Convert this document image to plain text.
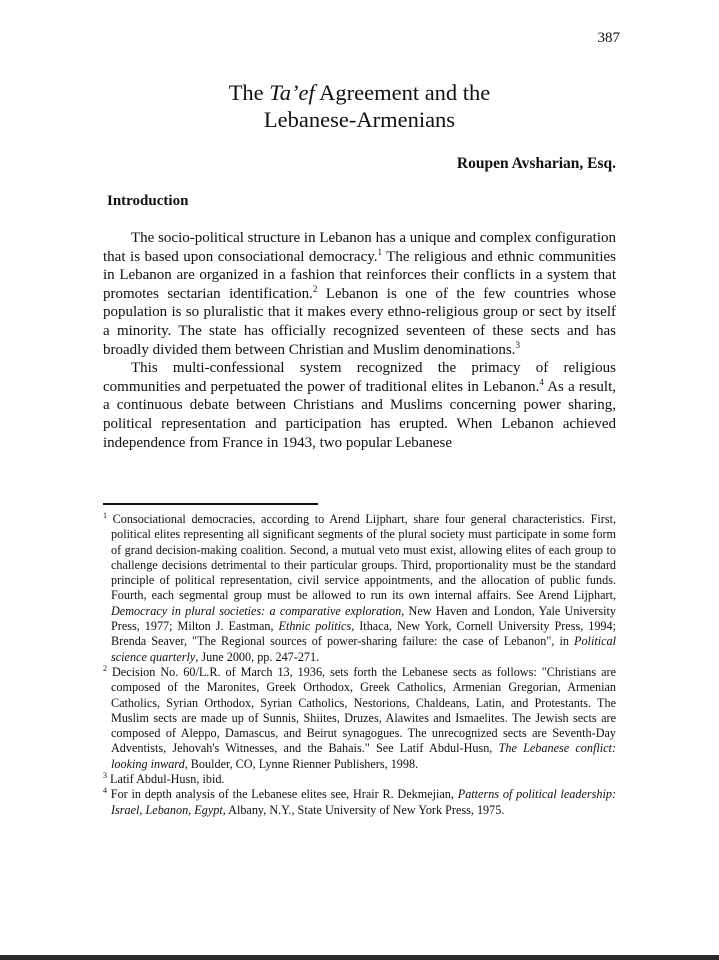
387
The Ta’ef Agreement and the
Lebanese-Armenians
Roupen Avsharian, Esq.
Introduction

The socio-political structure in Lebanon has a unique and complex configuration that is based upon consociational democracy.$^1$ The religious and ethnic communities in Lebanon are organized in a fashion that reinforces their conflicts in a system that promotes sectarian identification.$^2$ Lebanon is one of the few countries whose population is so pluralistic that it makes every ethno-religious group or sect by itself a minority. The state has officially recognized seventeen of these sects and has broadly divided them between Christian and Muslim denominations.$^3$

This multi-confessional system recognized the primacy of religious communities and perpetuated the power of traditional elites in Lebanon.$^4$ As a result, a continuous debate between Christians and Muslims concerning power sharing, political representation and participation has erupted. When Lebanon achieved independence from France in 1943, two popular Lebanese

$^1$ Consociational democracies, according to Arend Lijphart, share four general characteristics. First, political elites representing all significant segments of the plural society must participate in some form of grand decision-making coalition. Second, a mutual veto must exist, allowing elites of each group to challenge decisions detrimental to their particular groups. Third, proportionality must be the standard principle of political representation, civil service appointments, and the allocation of public funds. Fourth, each segmental group must be allowed to run its own internal affairs. See Arend Lijphart, Democracy in plural societies: a comparative exploration, New Haven and London, Yale University Press, 1977; Milton J. Eastman, Ethnic politics, Ithaca, New York, Cornell University Press, 1994; Brenda Seaver, "The Regional sources of power-sharing failure: the case of Lebanon", in Political science quarterly, June 2000, pp. 247-271.

$^2$ Decision No. 60/L.R. of March 13, 1936, sets forth the Lebanese sects as follows: "Christians are composed of the Maronites, Greek Orthodox, Greek Catholics, Armenian Gregorian, Armenian Catholics, Syrian Orthodox, Syrian Catholics, Nestorions, Chaldeans, Latin, and Protestants. The Muslim sects are made up of Sunnis, Shiites, Druzes, Alawites and Ismaelites. The Jewish sects are composed of Aleppo, Damascus, and Beirut synagogues. The unrecognized sects are Seventh-Day Adventists, Jehovah's Witnesses, and the Bahais." See Latif Abdul-Husn, The Lebanese conflict: looking inward, Boulder, CO, Lynne Rienner Publishers, 1998.

$^3$ Latif Abdul-Husn, ibid.

$^4$ For in depth analysis of the Lebanese elites see, Hrair R. Dekmejian, Patterns of political leadership: Israel, Lebanon, Egypt, Albany, N.Y., State University of New York Press, 1975.
